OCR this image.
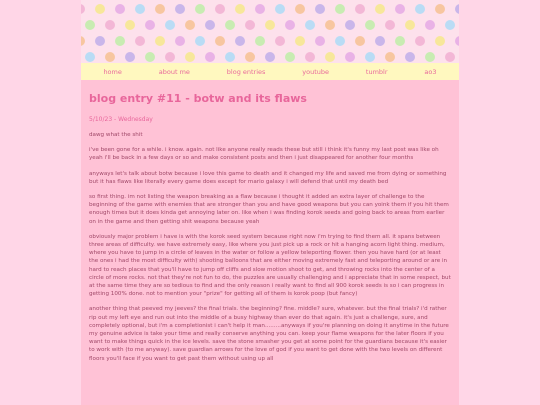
home	about me	blog entries	youtube	tumblr	ao3
blog entry #11 - botw and its flaws
5/10/23 - Wednesday

dawg what the shit

i've been gone for a while. i know. again. not like anyone really reads these but still i think it's funny my last post was like oh yeah i'll be back in a few days or so and make consistent posts and then i just disappeared for another four months

anyways let's talk about botw because i love this game to death and it changed my life and saved me from dying or something but it has flaws like literally every game does except for mario galaxy i will defend that until my death bed

so first thing. im not listing the weapon breaking as a flaw because i thought it added an extra layer of challenge to the beginning of the game with enemies that are stronger than you and have good weapons but you can yoink them if you hit them enough times but it does kinda get annoying later on. like when i was finding korok seeds and going back to areas from earlier on in the game and then getting shit weapons because yeah

obviously major problem i have is with the korok seed system because right now i'm trying to find them all. it spans between three areas of difficulty. we have extremely easy, like where you just pick up a rock or hit a hanging acorn light thing. medium, where you have to jump in a circle of leaves in the water or follow a yellow teleporting flower. then you have hard (or at least the ones i had the most difficulty with) shooting balloons that are either moving extremely fast and teleporting around or are in hard to reach places that you'll have to jump off cliffs and slow motion shoot to get, and throwing rocks into the center of a circle of more rocks. not that they're not fun to do, the puzzles are usually challenging and i appreciate that in some respect, but at the same time they are so tedious to find and the only reason i really want to find all 900 korok seeds is so i can progress in getting 100% done. not to mention your "prize" for getting all of them is korok poop (but fancy)

another thing that peeved my jeeves? the final trials. the beginning? fine. middle? sure, whatever. but the final trials? i'd rather rip out my left eye and run out into the middle of a busy highway than ever do that again. it's just a challenge, sure, and completely optional, but i'm a completionist i can't help it man.........anyways if you're planning on doing it anytime in the future my genuine advice is take your time and really conserve anything you can. keep your flame weapons for the later floors if you want to make things quick in the ice levels. save the stone smasher you get at some point for the guardians because it's easier to work with (to me anyway). save guardian arrows for the love of god if you want to get done with the two levels on different floors you'll face if you want to get past them without using up all
